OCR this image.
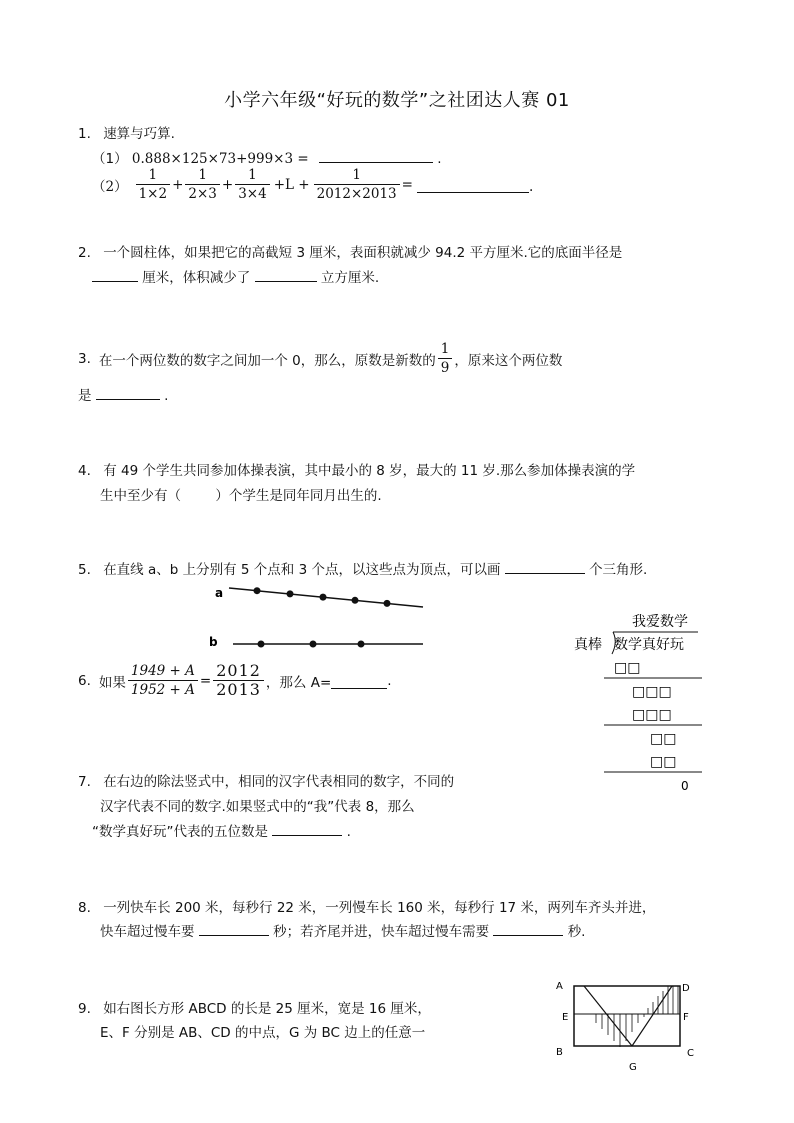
小学六年级“好玩的数学”之社团达人赛 01
1. 速算与巧算.
（1） 0.888×125×73+999×3 =	.
$(2) \frac{1}{1\times 2} + \frac{1}{2\times 3} + \frac{1}{3\times 4} +L + \frac{1}{2012\times 2013}$ =	.
2. 一个圆柱体，如果把它的高截短 3 厘米，表面积就减少 94.2 平方厘米.它的底面半径是
厘米，体积减少了	立方厘米.
3. 在一个两位数的数字之间加一个 0，那么，原数是新数的 $\frac{1}{9}$ ，原来这个两位数
是	.
4. 有 49 个学生共同参加体操表演，其中最小的 8 岁，最大的 11 岁.那么参加体操表演的学
生中至少有（        ）个学生是同年同月出生的.
5. 在直线 a、b 上分别有 5 个点和 3 个点，以这些点为顶点，可以画	个三角形.
a
b
6. 如果 $\frac{1949 + A}{1952 + A} = \frac{2012}{2013}$ ，那么 A=	.
我爱数学
真棒 数学真好玩
□□
□□□
□□□
□□
□□
0
7. 在右边的除法竖式中，相同的汉字代表相同的数字，不同的
汉字代表不同的数字.如果竖式中的“我”代表 8，那么
“数学真好玩”代表的五位数是	.
8. 一列快车长 200 米，每秒行 22 米，一列慢车长 160 米，每秒行 17 米，两列车齐头并进，
快车超过慢车要	秒；若齐尾并进，快车超过慢车需要	秒.
9. 如右图长方形 ABCD 的长是 25 厘米，宽是 16 厘米，
E、F 分别是 AB、CD 的中点，G 为 BC 边上的任意一
A	D
E	F
B	C
G
